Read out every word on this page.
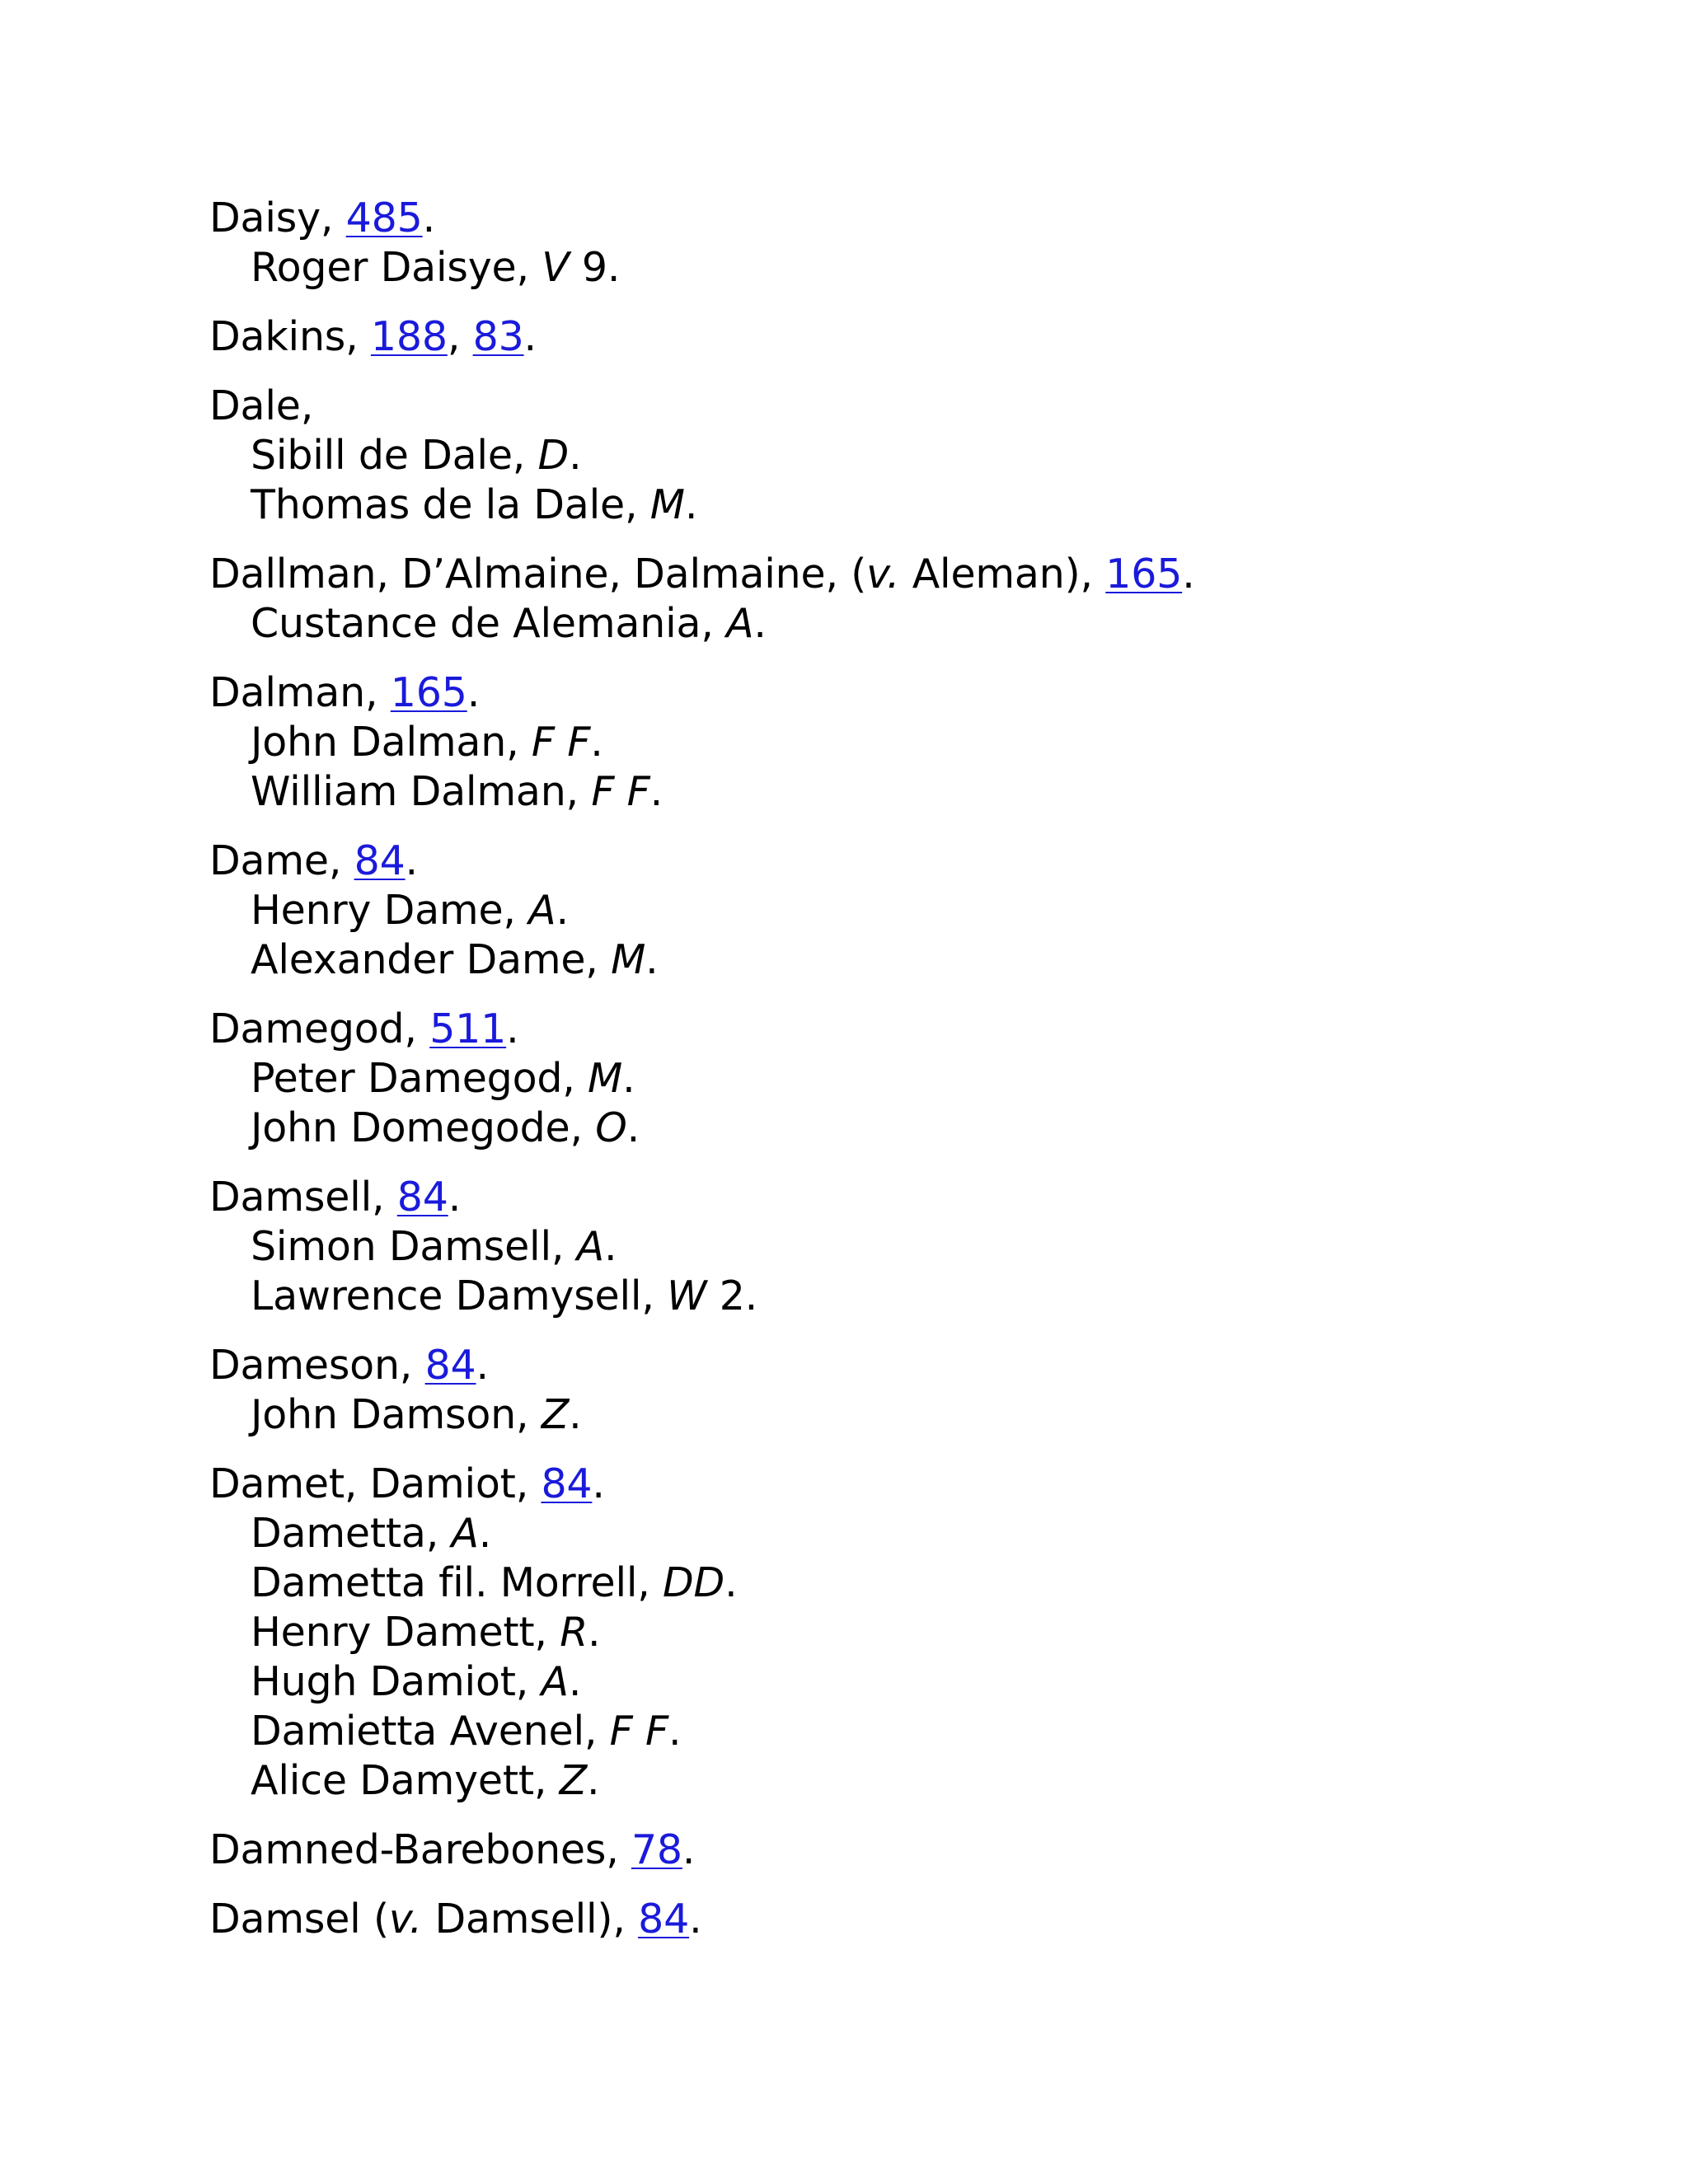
Daisy, 485.
Roger Daisye, V 9.
Dakins, 188, 83.
Dale,
Sibill de Dale, D.
Thomas de la Dale, M.
Dallman, D’Almaine, Dalmaine, (v. Aleman), 165.
Custance de Alemania, A.
Dalman, 165.
John Dalman, F F.
William Dalman, F F.
Dame, 84.
Henry Dame, A.
Alexander Dame, M.
Damegod, 511.
Peter Damegod, M.
John Domegode, O.
Damsell, 84.
Simon Damsell, A.
Lawrence Damysell, W 2.
Dameson, 84.
John Damson, Z.
Damet, Damiot, 84.
Dametta, A.
Dametta fil. Morrell, DD.
Henry Damett, R.
Hugh Damiot, A.
Damietta Avenel, F F.
Alice Damyett, Z.
Damned-Barebones, 78.
Damsel (v. Damsell), 84.
